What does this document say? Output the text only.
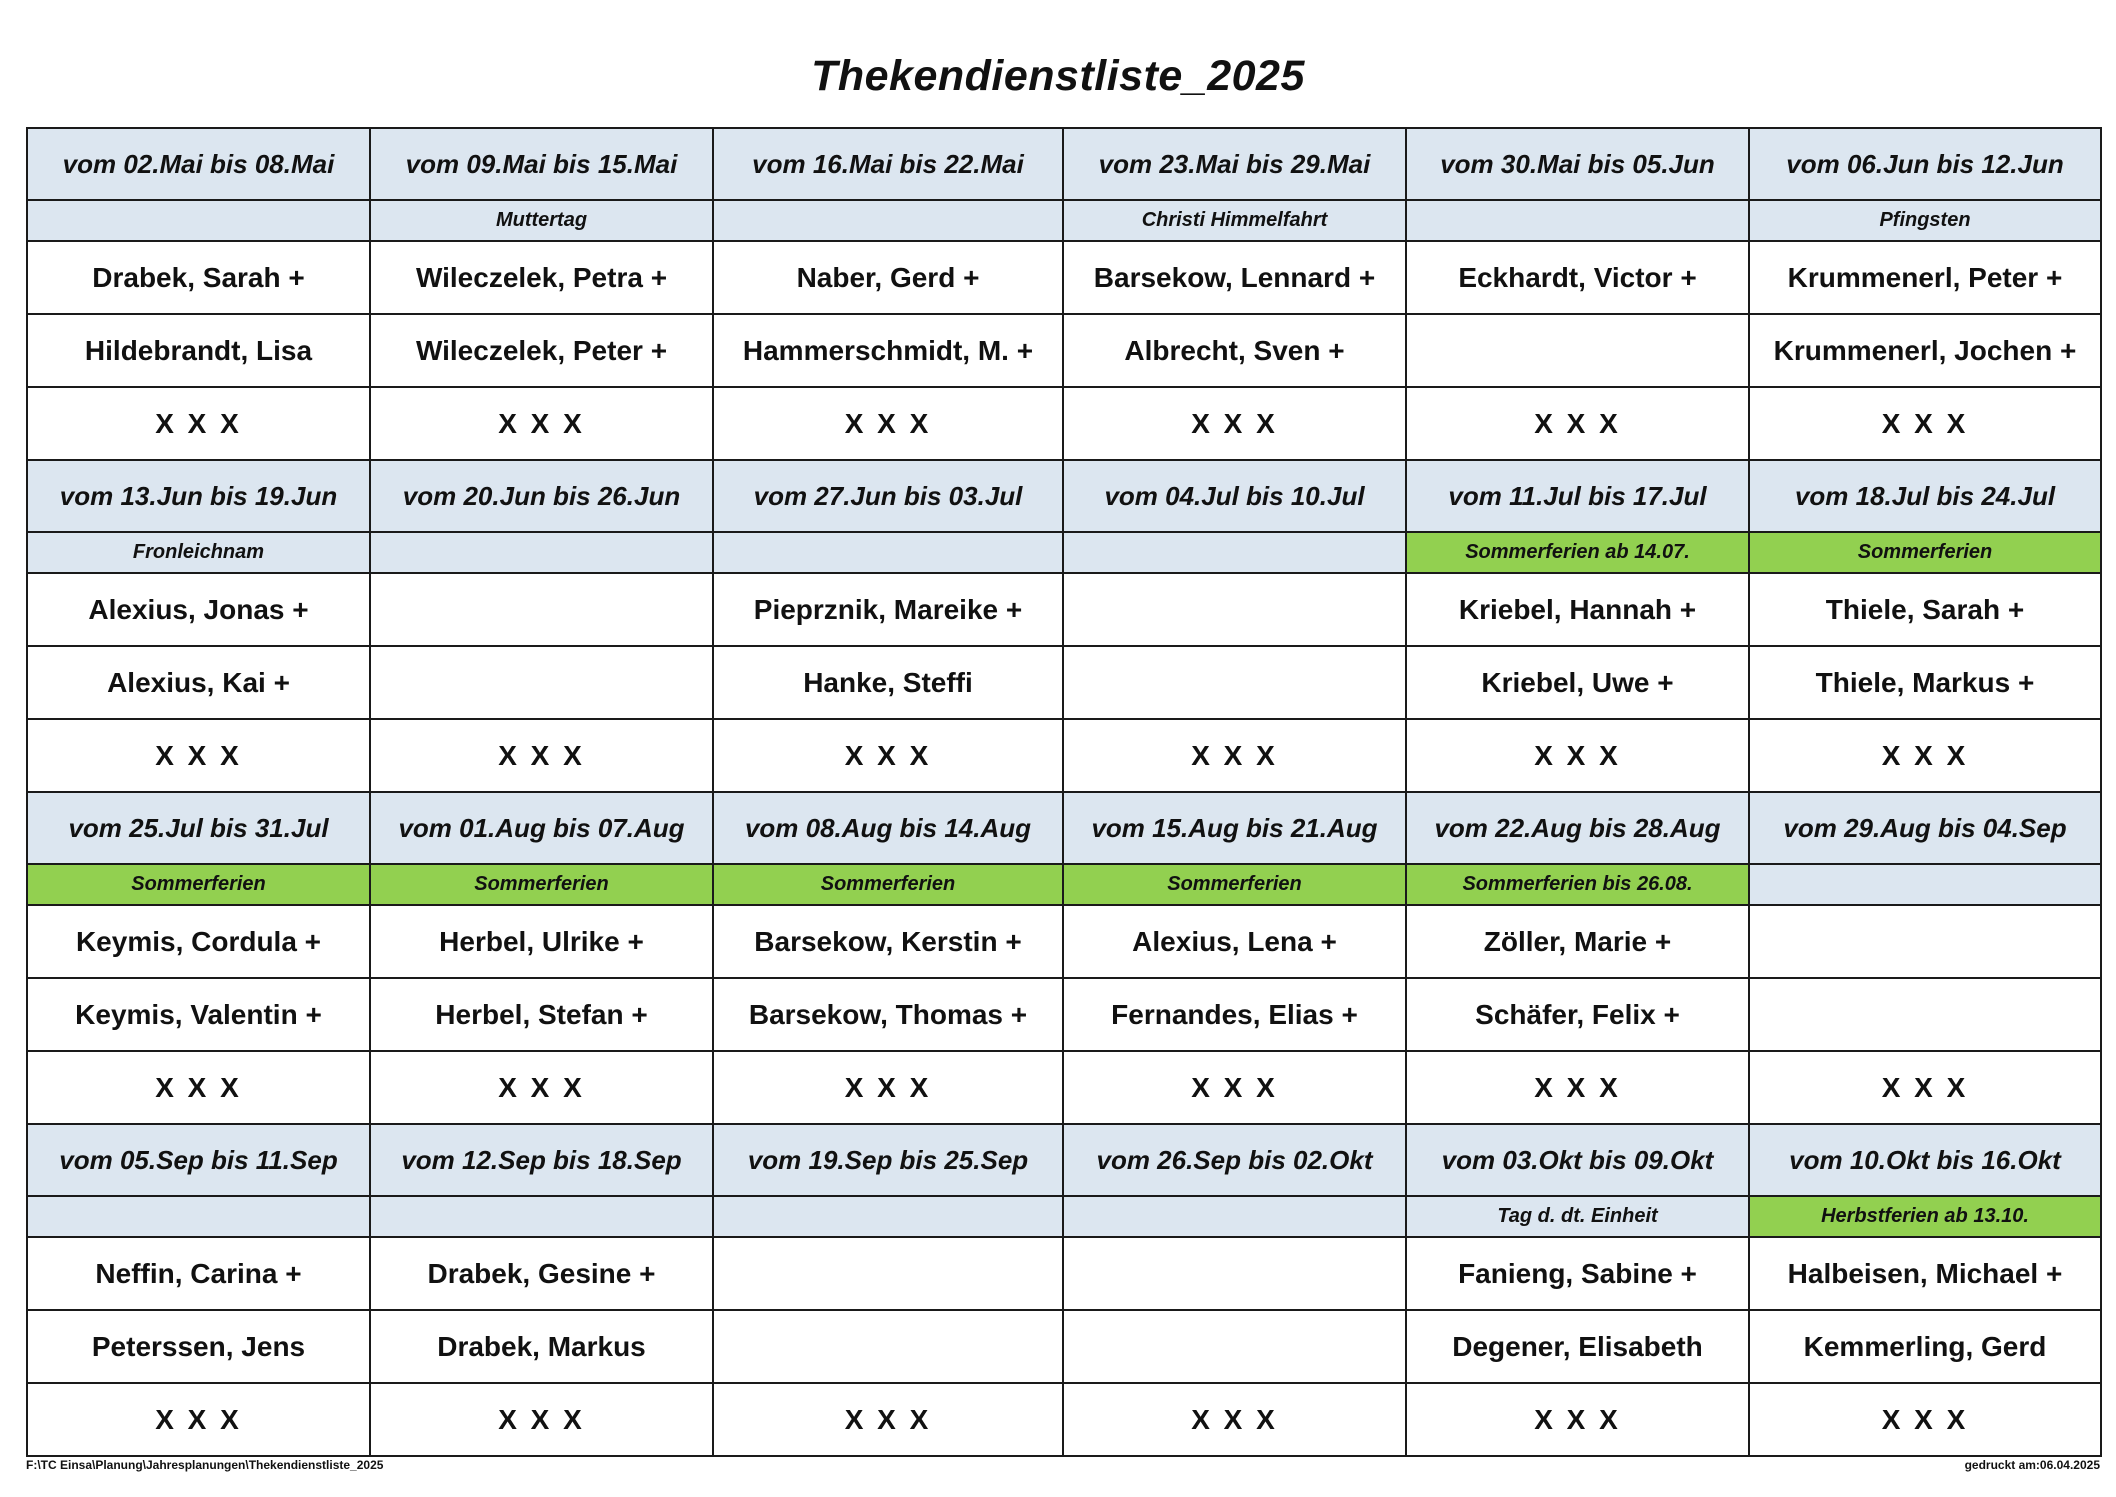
Thekendienstliste_2025
vom 02.Mai bis 08.Mai	vom 09.Mai bis 15.Mai	vom 16.Mai bis 22.Mai	vom 23.Mai bis 29.Mai	vom 30.Mai bis 05.Jun	vom 06.Jun bis 12.Jun
	Muttertag		Christi Himmelfahrt		Pfingsten
Drabek, Sarah +	Wileczelek, Petra +	Naber, Gerd +	Barsekow, Lennard +	Eckhardt, Victor +	Krummenerl, Peter +
Hildebrandt, Lisa	Wileczelek, Peter +	Hammerschmidt, M. +	Albrecht, Sven +		Krummenerl, Jochen +
X X X	X X X	X X X	X X X	X X X	X X X
vom 13.Jun bis 19.Jun	vom 20.Jun bis 26.Jun	vom 27.Jun bis 03.Jul	vom 04.Jul bis 10.Jul	vom 11.Jul bis 17.Jul	vom 18.Jul bis 24.Jul
Fronleichnam				Sommerferien ab 14.07.	Sommerferien
Alexius, Jonas +		Pieprznik, Mareike +		Kriebel, Hannah +	Thiele, Sarah +
Alexius, Kai +		Hanke, Steffi		Kriebel, Uwe +	Thiele, Markus +
X X X	X X X	X X X	X X X	X X X	X X X
vom 25.Jul bis 31.Jul	vom 01.Aug bis 07.Aug	vom 08.Aug bis 14.Aug	vom 15.Aug bis 21.Aug	vom 22.Aug bis 28.Aug	vom 29.Aug bis 04.Sep
Sommerferien	Sommerferien	Sommerferien	Sommerferien	Sommerferien bis 26.08.	
Keymis, Cordula +	Herbel, Ulrike +	Barsekow, Kerstin +	Alexius, Lena +	Zöller, Marie +	
Keymis, Valentin +	Herbel, Stefan +	Barsekow, Thomas +	Fernandes, Elias +	Schäfer, Felix +	
X X X	X X X	X X X	X X X	X X X	X X X
vom 05.Sep bis 11.Sep	vom 12.Sep bis 18.Sep	vom 19.Sep bis 25.Sep	vom 26.Sep bis 02.Okt	vom 03.Okt bis 09.Okt	vom 10.Okt bis 16.Okt
				Tag d. dt. Einheit	Herbstferien ab 13.10.
Neffin, Carina +	Drabek, Gesine +			Fanieng, Sabine +	Halbeisen, Michael +
Peterssen, Jens	Drabek, Markus			Degener, Elisabeth	Kemmerling, Gerd
X X X	X X X	X X X	X X X	X X X	X X X
F:\TC Einsa\Planung\Jahresplanungen\Thekendienstliste_2025	gedruckt am:06.04.2025
